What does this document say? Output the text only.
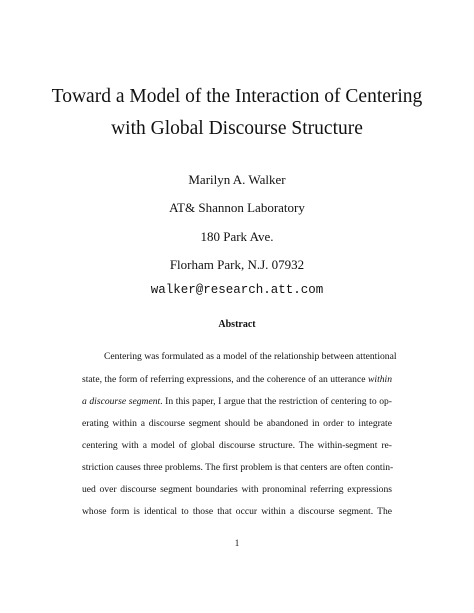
Toward a Model of the Interaction of Centering
with Global Discourse Structure
Marilyn A. Walker
AT& Shannon Laboratory
180 Park Ave.
Florham Park, N.J. 07932
walker@research.att.com
Abstract
Centering was formulated as a model of the relationship between attentional
state, the form of referring expressions, and the coherence of an utterance within
a discourse segment. In this paper, I argue that the restriction of centering to op-
erating within a discourse segment should be abandoned in order to integrate
centering with a model of global discourse structure. The within-segment re-
striction causes three problems. The first problem is that centers are often contin-
ued over discourse segment boundaries with pronominal referring expressions
whose form is identical to those that occur within a discourse segment. The
1
